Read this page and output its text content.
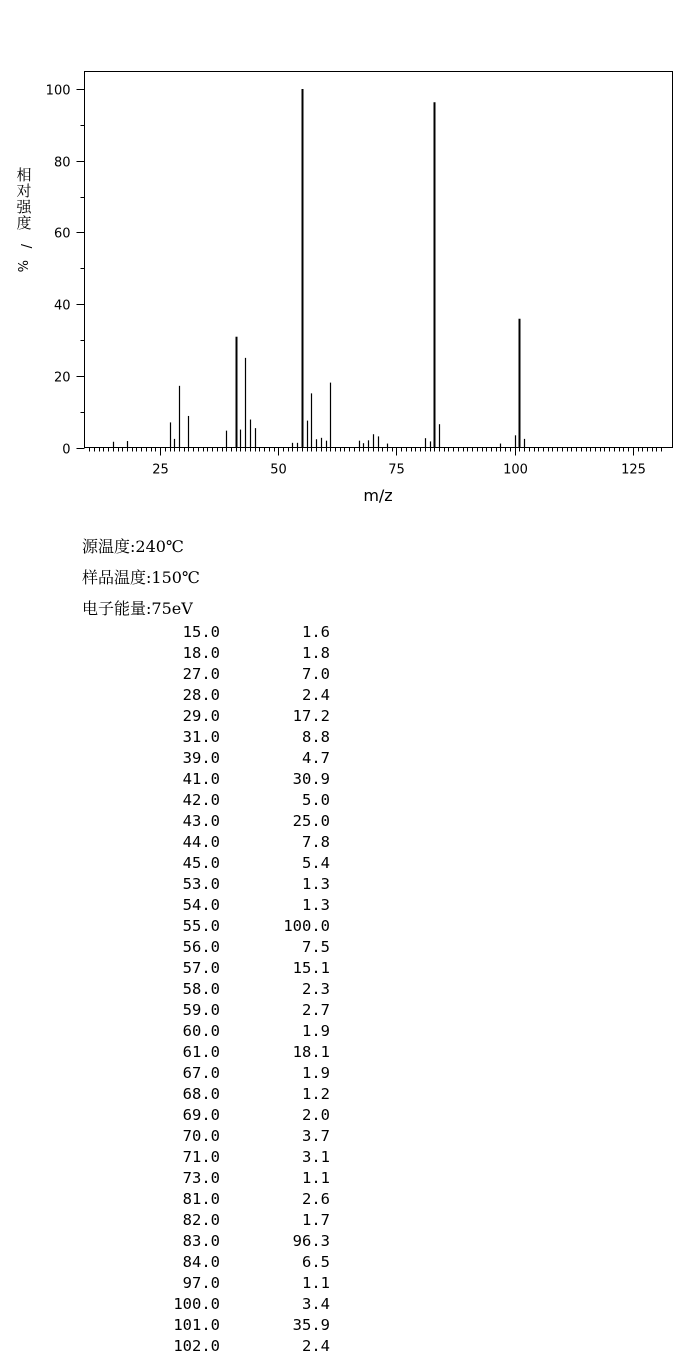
25	50	75	100	125
0
20
40
60
80
100
m/z
相对强度/ %
源温度:240℃
样品温度:150℃
电子能量:75eV
15.0	1.6
18.0	1.8
27.0	7.0
28.0	2.4
29.0	17.2
31.0	8.8
39.0	4.7
41.0	30.9
42.0	5.0
43.0	25.0
44.0	7.8
45.0	5.4
53.0	1.3
54.0	1.3
55.0	100.0
56.0	7.5
57.0	15.1
58.0	2.3
59.0	2.7
60.0	1.9
61.0	18.1
67.0	1.9
68.0	1.2
69.0	2.0
70.0	3.7
71.0	3.1
73.0	1.1
81.0	2.6
82.0	1.7
83.0	96.3
84.0	6.5
97.0	1.1
100.0	3.4
101.0	35.9
102.0	2.4
